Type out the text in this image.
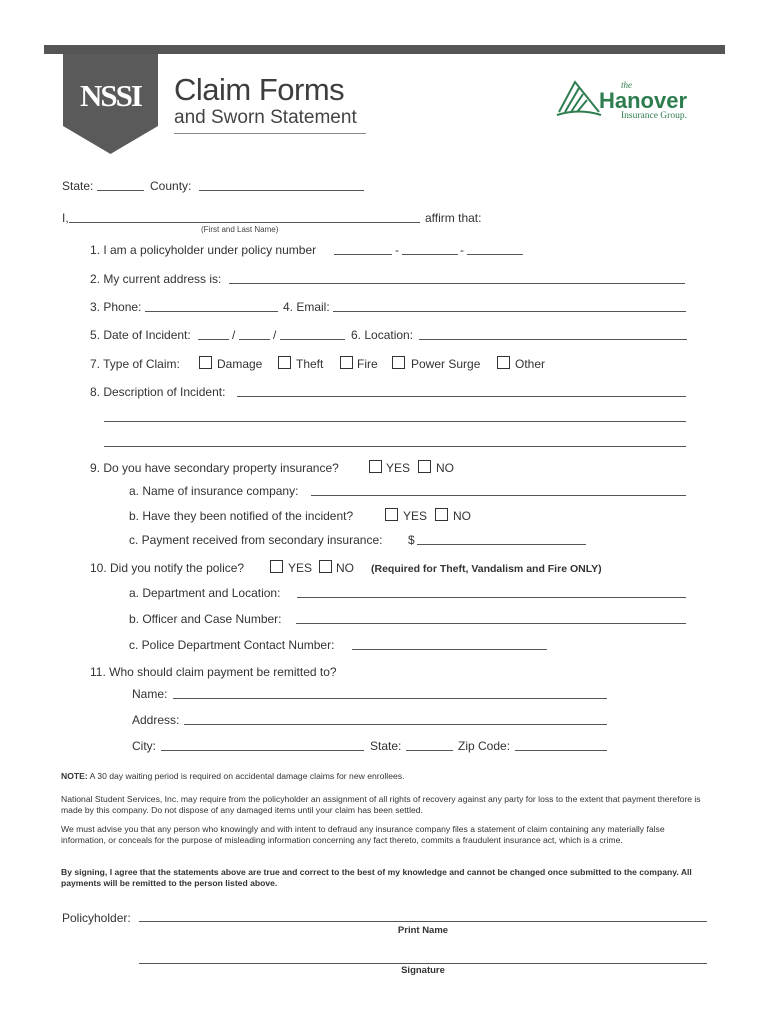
NSSI Claim Forms
and Sworn Statement
the
Hanover
Insurance Group.
State:	County:
I,	affirm that:
(First and Last Name)
1. I am a policyholder under policy number	-	-
2. My current address is:
3. Phone:	4. Email:
5. Date of Incident:	/	/	6. Location:
7. Type of Claim:	Damage	Theft	Fire	Power Surge	Other
8. Description of Incident:
9. Do you have secondary property insurance?	YES NO
a. Name of insurance company:
b. Have they been notified of the incident?	YES NO
c. Payment received from secondary insurance: $
10. Did you notify the police?	YES NO (Required for Theft, Vandalism and Fire ONLY)
a. Department and Location:
b. Officer and Case Number:
c. Police Department Contact Number:
11. Who should claim payment be remitted to?
Name:
Address:
City:	State:	Zip Code:
NOTE: A 30 day waiting period is required on accidental damage claims for new enrollees.
National Student Services, Inc. may require from the policyholder an assignment of all rights of recovery against any party for loss to the extent that payment therefore is made by this company. Do not dispose of any damaged items until your claim has been settled.
We must advise you that any person who knowingly and with intent to defraud any insurance company files a statement of claim containing any materially false information, or conceals for the purpose of misleading information concerning any fact thereto, commits a fraudulent insurance act, which is a crime.
By signing, I agree that the statements above are true and correct to the best of my knowledge and cannot be changed once submitted to the company. All payments will be remitted to the person listed above.
Policyholder:
Print Name
Signature
